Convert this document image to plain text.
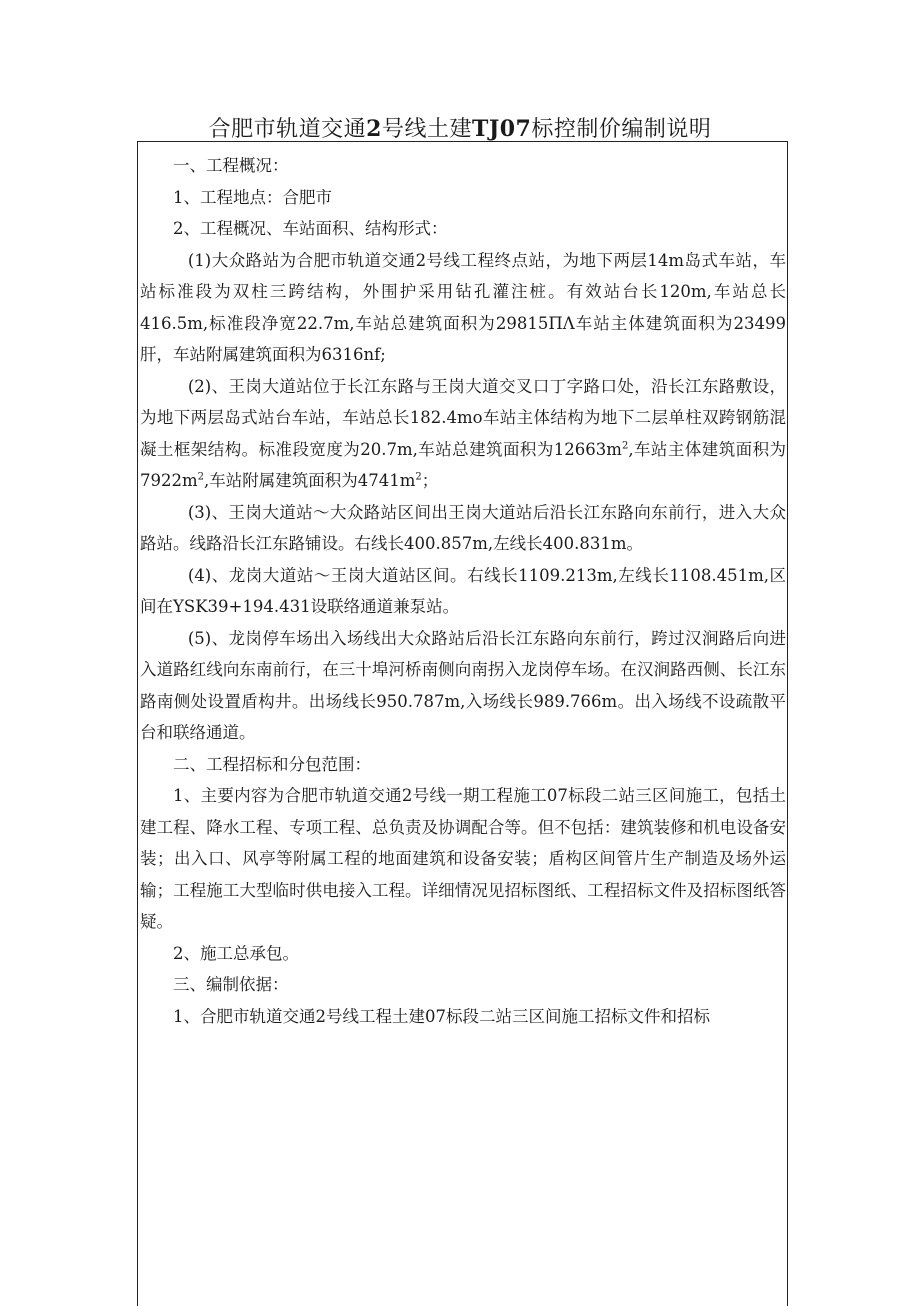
合肥市轨道交通2号线土建TJ07标控制价编制说明

一、工程概况：

1、工程地点：合肥市

2、工程概况、车站面积、结构形式：

(1)大众路站为合肥市轨道交通2号线工程终点站，为地下两层14m岛式车站，车站标准段为双柱三跨结构，外围护采用钻孔灌注桩。有效站台长120m,车站总长416.5m,标准段净宽22.7m,车站总建筑面积为29815ΠΛ车站主体建筑面积为23499肝，车站附属建筑面积为6316nf;

(2)、王岗大道站位于长江东路与王岗大道交叉口丁字路口处，沿长江东路敷设，为地下两层岛式站台车站，车站总长182.4mo车站主体结构为地下二层单柱双跨钢筋混凝土框架结构。标准段宽度为20.7m,车站总建筑面积为$12663m^2$,车站主体建筑面积为$7922m^2$,车站附属建筑面积为$4741m^2$；

(3)、王岗大道站～大众路站区间出王岗大道站后沿长江东路向东前行，进入大众路站。线路沿长江东路铺设。右线长400.857m,左线长400.831m。

(4)、龙岗大道站～王岗大道站区间。右线长1109.213m,左线长1108.451m,区间在YSK39+194.431设联络通道兼泵站。

(5)、龙岗停车场出入场线出大众路站后沿长江东路向东前行，跨过汉涧路后向进入道路红线向东南前行，在三十埠河桥南侧向南拐入龙岗停车场。在汉涧路西侧、长江东路南侧处设置盾构井。出场线长950.787m,入场线长989.766m。出入场线不设疏散平台和联络通道。

二、工程招标和分包范围：

1、主要内容为合肥市轨道交通2号线一期工程施工07标段二站三区间施工，包括土建工程、降水工程、专项工程、总负责及协调配合等。但不包括：建筑装修和机电设备安装；出入口、风亭等附属工程的地面建筑和设备安装；盾构区间管片生产制造及场外运输；工程施工大型临时供电接入工程。详细情况见招标图纸、工程招标文件及招标图纸答疑。

2、施工总承包。

三、编制依据：

1、合肥市轨道交通2号线工程土建07标段二站三区间施工招标文件和招标
